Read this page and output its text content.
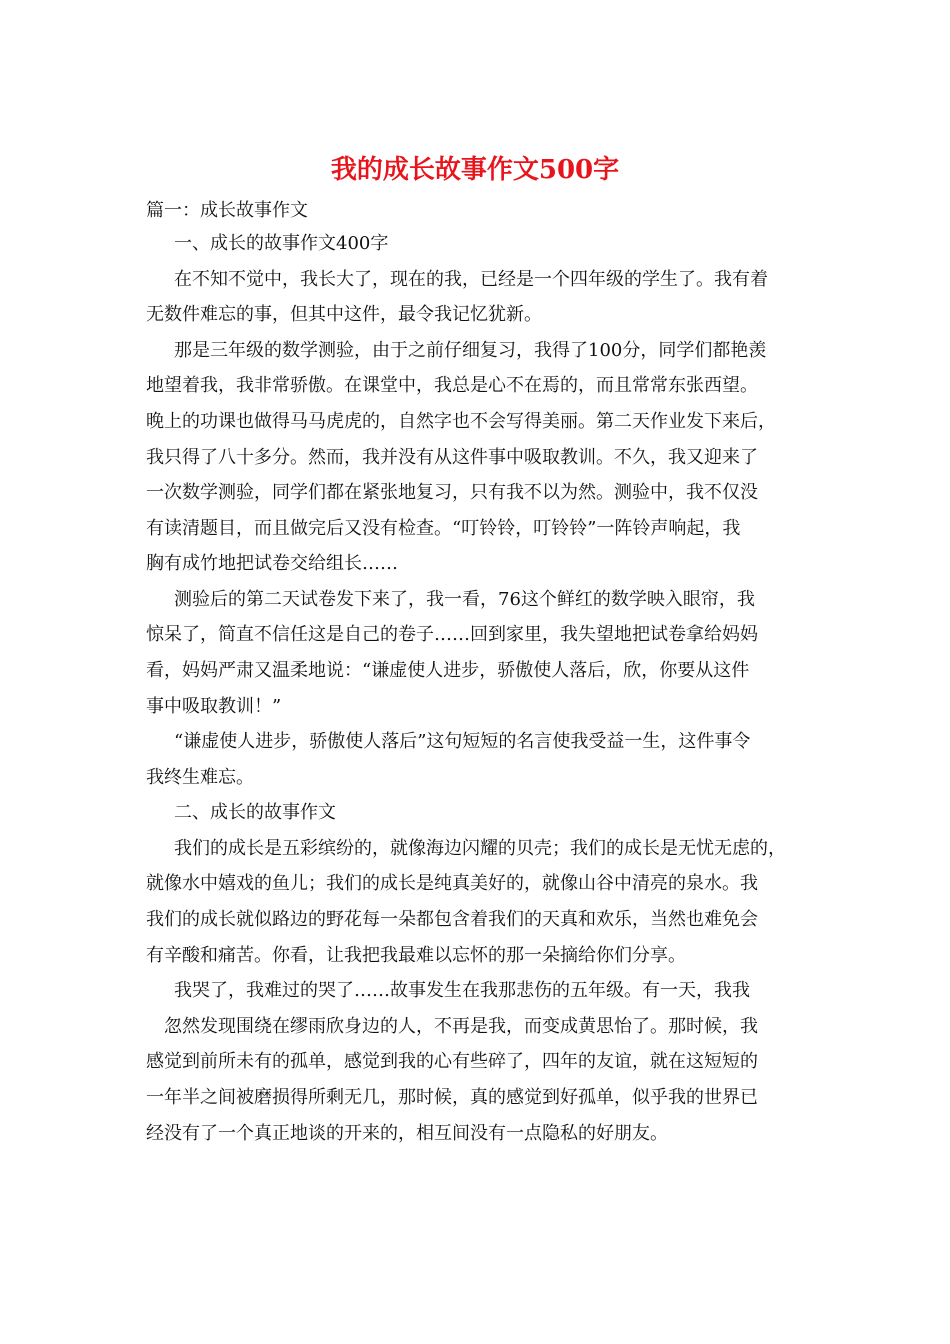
我的成长故事作文500字
篇一：成长故事作文
一、成长的故事作文400字
在不知不觉中，我长大了，现在的我，已经是一个四年级的学生了。我有着
无数件难忘的事，但其中这件，最令我记忆犹新。
那是三年级的数学测验，由于之前仔细复习，我得了100分，同学们都艳羡
地望着我，我非常骄傲。在课堂中，我总是心不在焉的，而且常常东张西望。
晚上的功课也做得马马虎虎的，自然字也不会写得美丽。第二天作业发下来后，
我只得了八十多分。然而，我并没有从这件事中吸取教训。不久，我又迎来了
一次数学测验，同学们都在紧张地复习，只有我不以为然。测验中，我不仅没
有读清题目，而且做完后又没有检查。“叮铃铃，叮铃铃”一阵铃声响起，我
胸有成竹地把试卷交给组长……
测验后的第二天试卷发下来了，我一看，76这个鲜红的数学映入眼帘，我
惊呆了，简直不信任这是自己的卷子……回到家里，我失望地把试卷拿给妈妈
看，妈妈严肃又温柔地说：“谦虚使人进步，骄傲使人落后，欣，你要从这件
事中吸取教训！”
“谦虚使人进步，骄傲使人落后”这句短短的名言使我受益一生，这件事令
我终生难忘。
二、成长的故事作文
我们的成长是五彩缤纷的，就像海边闪耀的贝壳；我们的成长是无忧无虑的，
就像水中嬉戏的鱼儿；我们的成长是纯真美好的，就像山谷中清亮的泉水。我
我们的成长就似路边的野花每一朵都包含着我们的天真和欢乐，当然也难免会
有辛酸和痛苦。你看，让我把我最难以忘怀的那一朵摘给你们分享。
我哭了，我难过的哭了……故事发生在我那悲伤的五年级。有一天，我我
忽然发现围绕在缪雨欣身边的人，不再是我，而变成黄思怡了。那时候，我
感觉到前所未有的孤单，感觉到我的心有些碎了，四年的友谊，就在这短短的
一年半之间被磨损得所剩无几，那时候，真的感觉到好孤单，似乎我的世界已
经没有了一个真正地谈的开来的，相互间没有一点隐私的好朋友。
